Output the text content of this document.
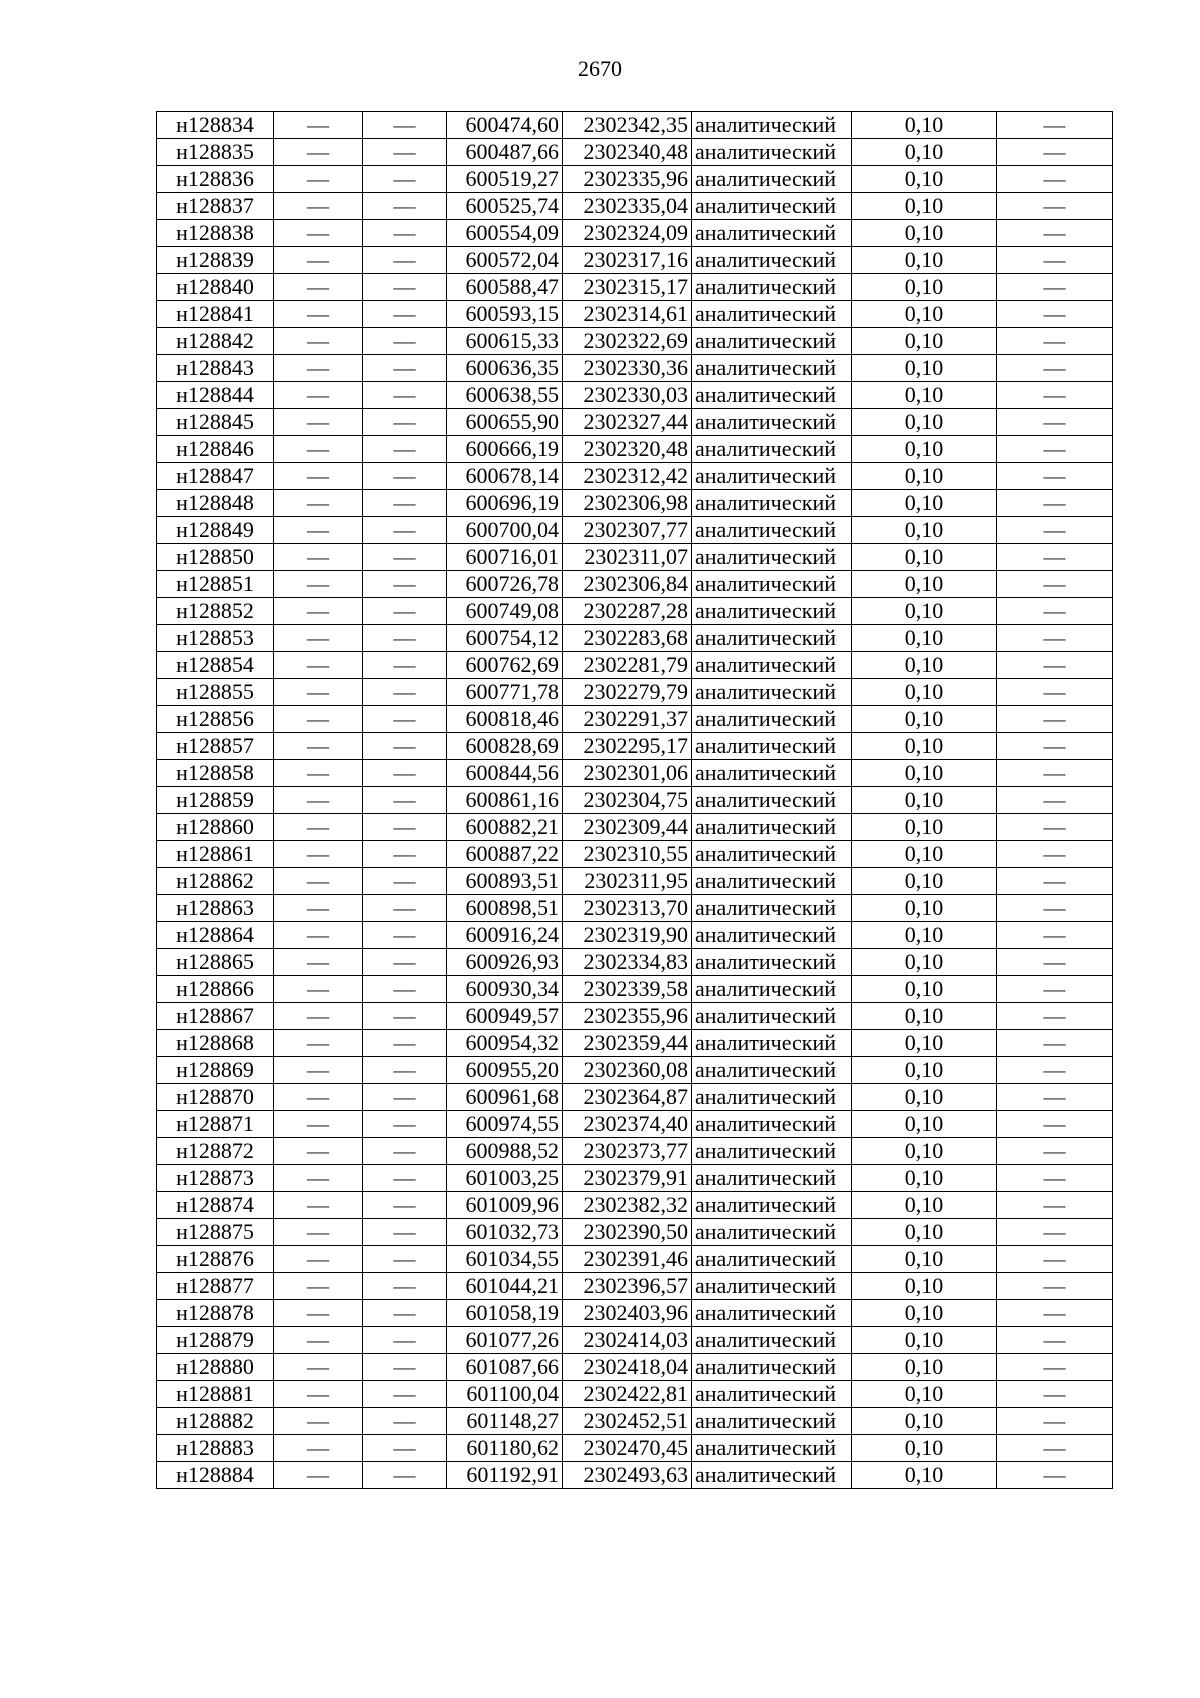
2670
н128834	—	—	600474,60	2302342,35	аналитический	0,10	—
н128835	—	—	600487,66	2302340,48	аналитический	0,10	—
н128836	—	—	600519,27	2302335,96	аналитический	0,10	—
н128837	—	—	600525,74	2302335,04	аналитический	0,10	—
н128838	—	—	600554,09	2302324,09	аналитический	0,10	—
н128839	—	—	600572,04	2302317,16	аналитический	0,10	—
н128840	—	—	600588,47	2302315,17	аналитический	0,10	—
н128841	—	—	600593,15	2302314,61	аналитический	0,10	—
н128842	—	—	600615,33	2302322,69	аналитический	0,10	—
н128843	—	—	600636,35	2302330,36	аналитический	0,10	—
н128844	—	—	600638,55	2302330,03	аналитический	0,10	—
н128845	—	—	600655,90	2302327,44	аналитический	0,10	—
н128846	—	—	600666,19	2302320,48	аналитический	0,10	—
н128847	—	—	600678,14	2302312,42	аналитический	0,10	—
н128848	—	—	600696,19	2302306,98	аналитический	0,10	—
н128849	—	—	600700,04	2302307,77	аналитический	0,10	—
н128850	—	—	600716,01	2302311,07	аналитический	0,10	—
н128851	—	—	600726,78	2302306,84	аналитический	0,10	—
н128852	—	—	600749,08	2302287,28	аналитический	0,10	—
н128853	—	—	600754,12	2302283,68	аналитический	0,10	—
н128854	—	—	600762,69	2302281,79	аналитический	0,10	—
н128855	—	—	600771,78	2302279,79	аналитический	0,10	—
н128856	—	—	600818,46	2302291,37	аналитический	0,10	—
н128857	—	—	600828,69	2302295,17	аналитический	0,10	—
н128858	—	—	600844,56	2302301,06	аналитический	0,10	—
н128859	—	—	600861,16	2302304,75	аналитический	0,10	—
н128860	—	—	600882,21	2302309,44	аналитический	0,10	—
н128861	—	—	600887,22	2302310,55	аналитический	0,10	—
н128862	—	—	600893,51	2302311,95	аналитический	0,10	—
н128863	—	—	600898,51	2302313,70	аналитический	0,10	—
н128864	—	—	600916,24	2302319,90	аналитический	0,10	—
н128865	—	—	600926,93	2302334,83	аналитический	0,10	—
н128866	—	—	600930,34	2302339,58	аналитический	0,10	—
н128867	—	—	600949,57	2302355,96	аналитический	0,10	—
н128868	—	—	600954,32	2302359,44	аналитический	0,10	—
н128869	—	—	600955,20	2302360,08	аналитический	0,10	—
н128870	—	—	600961,68	2302364,87	аналитический	0,10	—
н128871	—	—	600974,55	2302374,40	аналитический	0,10	—
н128872	—	—	600988,52	2302373,77	аналитический	0,10	—
н128873	—	—	601003,25	2302379,91	аналитический	0,10	—
н128874	—	—	601009,96	2302382,32	аналитический	0,10	—
н128875	—	—	601032,73	2302390,50	аналитический	0,10	—
н128876	—	—	601034,55	2302391,46	аналитический	0,10	—
н128877	—	—	601044,21	2302396,57	аналитический	0,10	—
н128878	—	—	601058,19	2302403,96	аналитический	0,10	—
н128879	—	—	601077,26	2302414,03	аналитический	0,10	—
н128880	—	—	601087,66	2302418,04	аналитический	0,10	—
н128881	—	—	601100,04	2302422,81	аналитический	0,10	—
н128882	—	—	601148,27	2302452,51	аналитический	0,10	—
н128883	—	—	601180,62	2302470,45	аналитический	0,10	—
н128884	—	—	601192,91	2302493,63	аналитический	0,10	—
